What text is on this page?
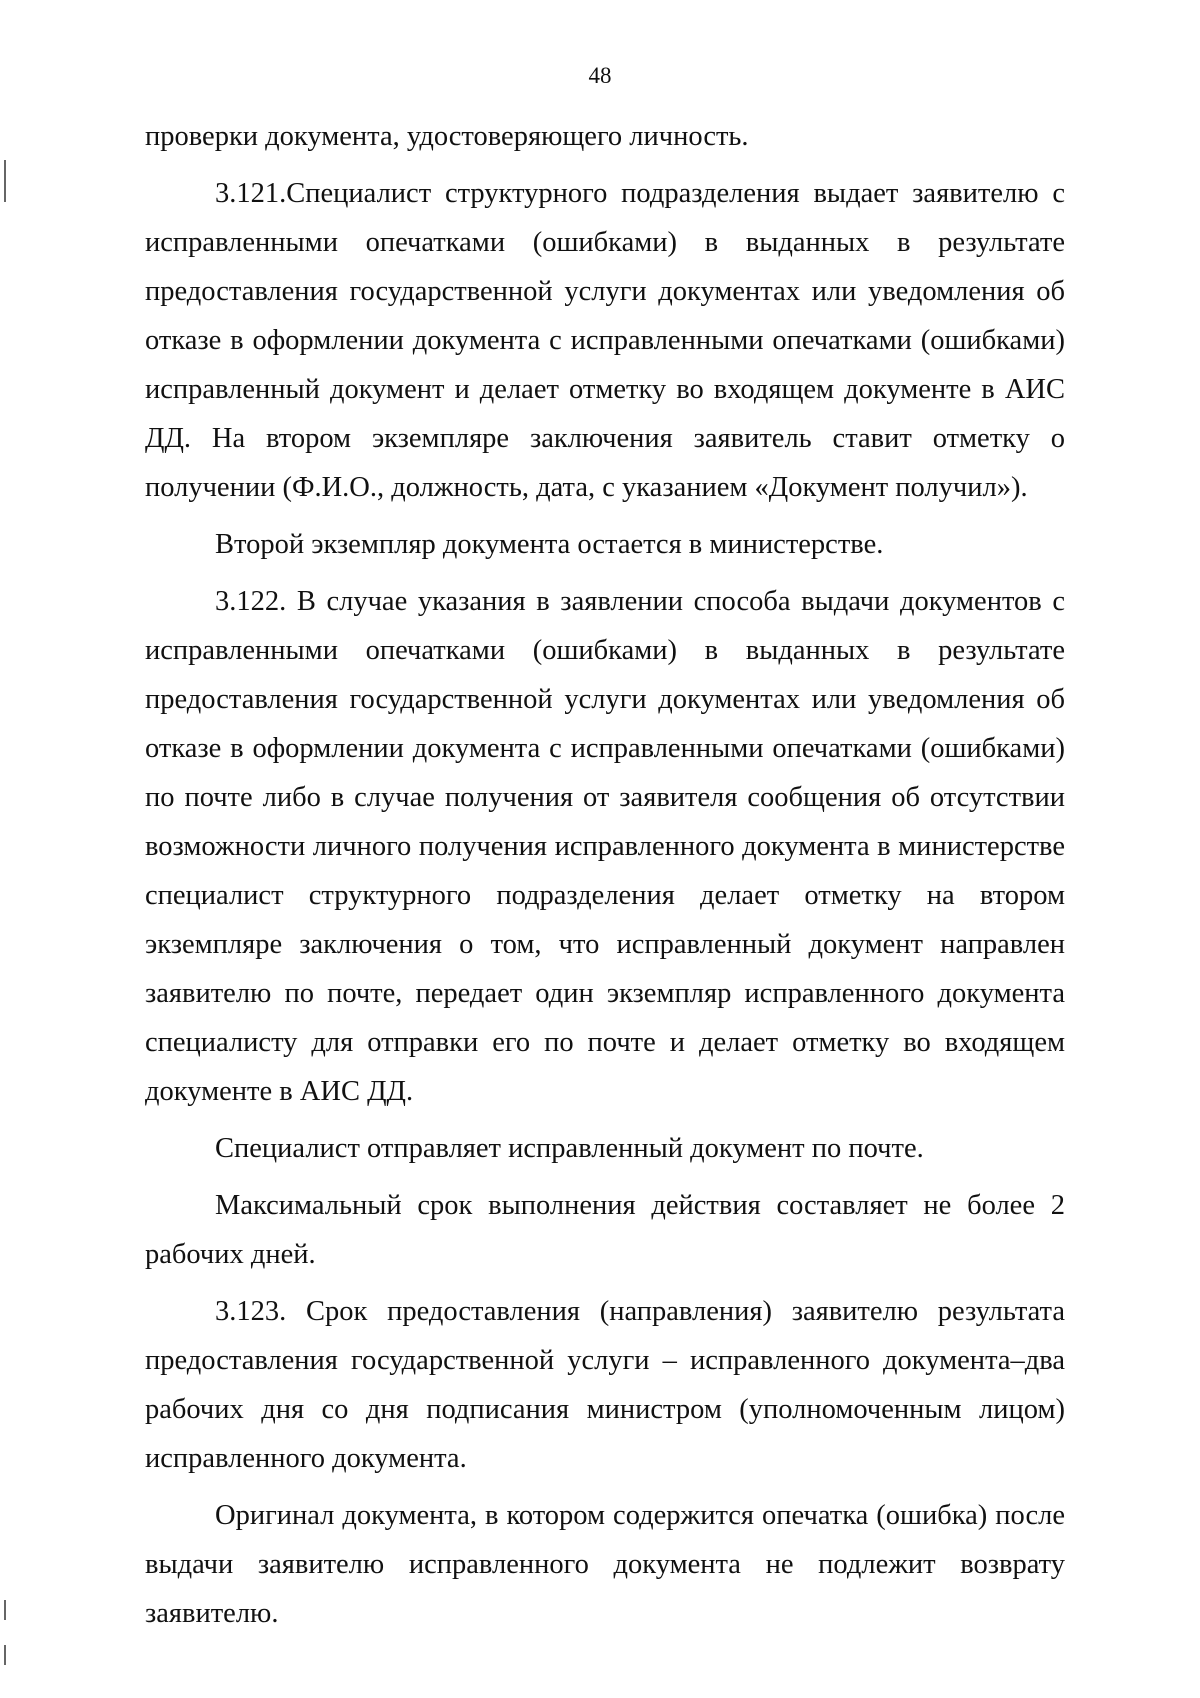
48

проверки документа, удостоверяющего личность.

3.121.Специалист структурного подразделения выдает заявителю с исправленными опечатками (ошибками) в выданных в результате предоставления государственной услуги документах или уведомления об отказе в оформлении документа с исправленными опечатками (ошибками) исправленный документ и делает отметку во входящем документе в АИС ДД. На втором экземпляре заключения заявитель ставит отметку о получении (Ф.И.О., должность, дата, с указанием «Документ получил»).

Второй экземпляр документа остается в министерстве.

3.122. В случае указания в заявлении способа выдачи документов с исправленными опечатками (ошибками) в выданных в результате предоставления государственной услуги документах или уведомления об отказе в оформлении документа с исправленными опечатками (ошибками) по почте либо в случае получения от заявителя сообщения об отсутствии возможности личного получения исправленного документа в министерстве специалист структурного подразделения делает отметку на втором экземпляре заключения о том, что исправленный документ направлен заявителю по почте, передает один экземпляр исправленного документа специалисту для отправки его по почте и делает отметку во входящем документе в АИС ДД.

Специалист отправляет исправленный документ по почте.

Максимальный срок выполнения действия составляет не более 2 рабочих дней.

3.123. Срок предоставления (направления) заявителю результата предоставления государственной услуги – исправленного документа–два рабочих дня со дня подписания министром (уполномоченным лицом) исправленного документа.

Оригинал документа, в котором содержится опечатка (ошибка) после выдачи заявителю исправленного документа не подлежит возврату заявителю.
